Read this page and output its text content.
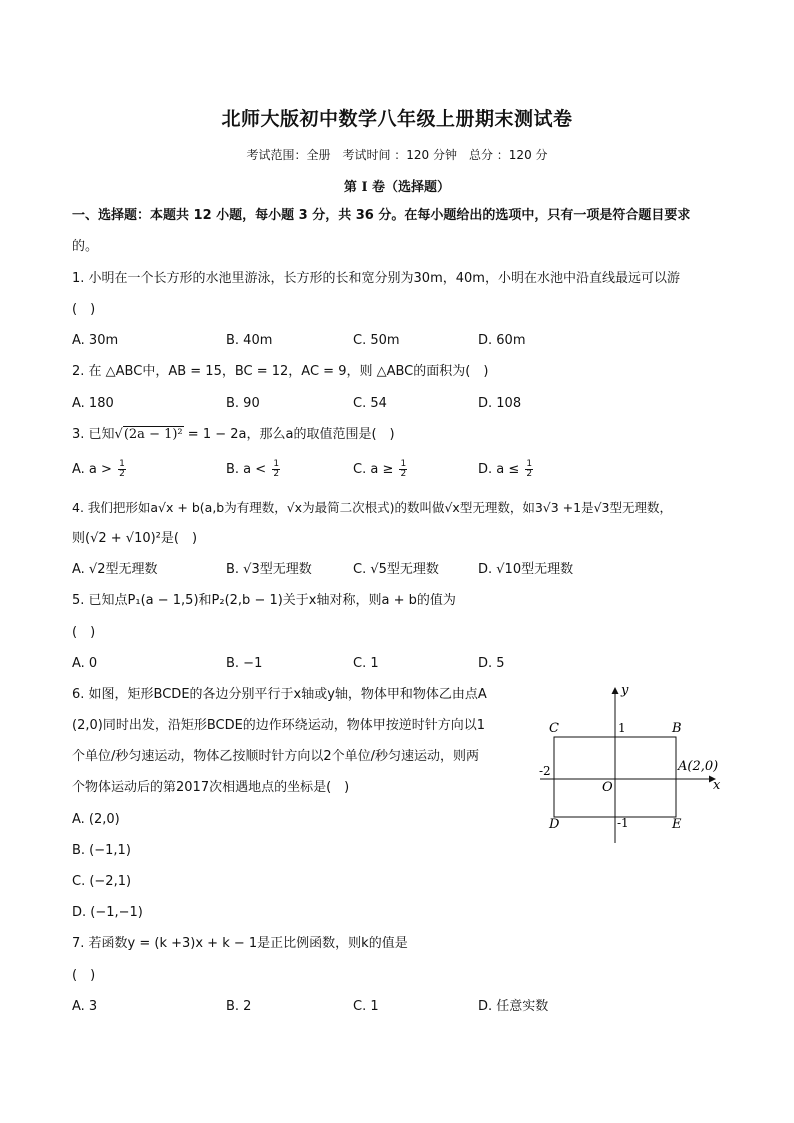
北师大版初中数学八年级上册期末测试卷
考试范围：全册　考试时间 ：120 分钟　总分 ：120 分
第 I 卷（选择题）
一、选择题：本题共 12 小题，每小题 3 分，共 36 分。在每小题给出的选项中，只有一项是符合题目要求
的。
1. 小明在一个长方形的水池里游泳，长方形的长和宽分别为30m，40m，小明在水池中沿直线最远可以游
(　)
A. 30m	B. 40m	C. 50m	D. 60m
2. 在 △ABC中，AB = 15，BC = 12，AC = 9，则 △ABC的面积为(　)
A. 180	B. 90	C. 54	D. 108
3. 已知√(2a − 1)² = 1 − 2a，那么a的取值范围是(　)
A. $a > \frac{1}{2}$	B. $a < \frac{1}{2}$	C. $a \ge \frac{1}{2}$	D. $a \le \frac{1}{2}$
4. 我们把形如a√x + b(a,b为有理数，√x为最简二次根式)的数叫做√x型无理数，如3√3 +1是√3型无理数，
则(√2 + √10)²是(　)
A. √2型无理数	B. √3型无理数	C. √5型无理数	D. √10型无理数
5. 已知点P₁(a − 1,5)和P₂(2,b − 1)关于x轴对称，则a + b的值为
(　)
A. 0	B. −1	C. 1	D. 5
6. 如图，矩形BCDE的各边分别平行于x轴或y轴，物体甲和物体乙由点A
(2,0)同时出发，沿矩形BCDE的边作环绕运动，物体甲按逆时针方向以1
个单位/秒匀速运动，物体乙按顺时针方向以2个单位/秒匀速运动，则两
个物体运动后的第2017次相遇地点的坐标是(　)
A. (2,0)
B. (−1,1)
C. (−2,1)
D. (−1,−1)
y
x
C	B
1
-2	A(2,0)
O
D	-1	E
7. 若函数y = (k +3)x + k − 1是正比例函数，则k的值是
(　)
A. 3	B. 2	C. 1	D. 任意实数
